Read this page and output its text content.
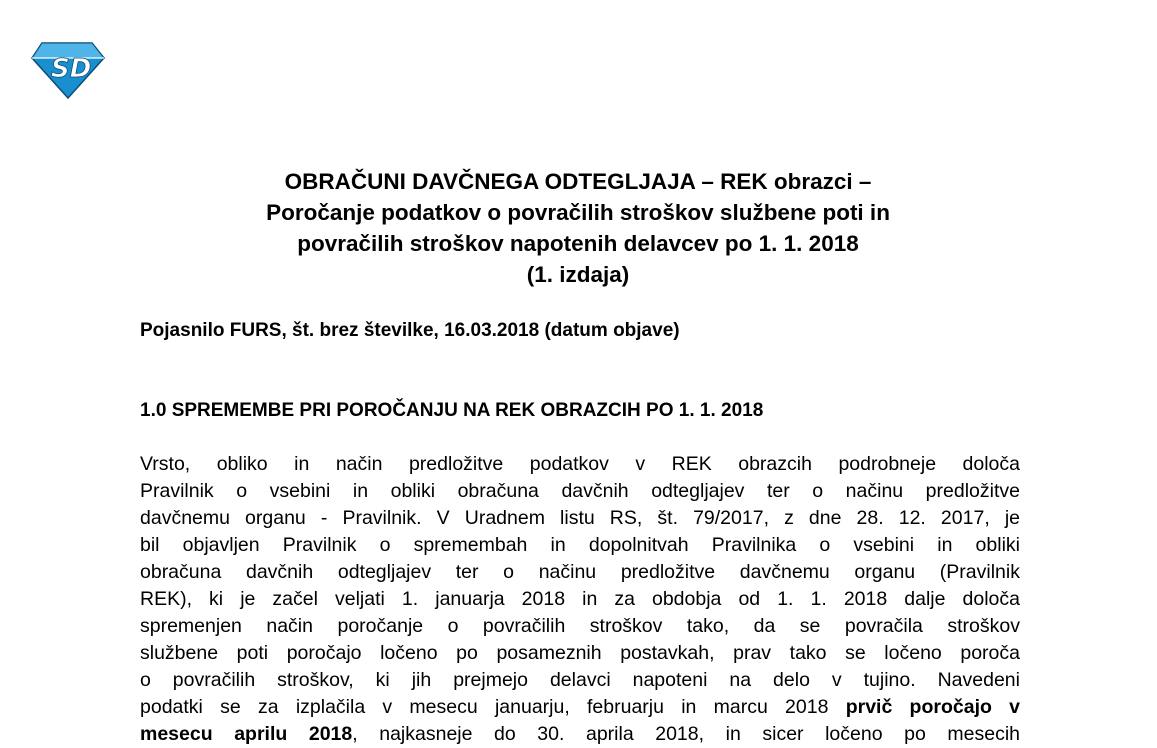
SD
OBRAČUNI DAVČNEGA ODTEGLJAJA – REK obrazci –
Poročanje podatkov o povračilih stroškov službene poti in
povračilih stroškov napotenih delavcev po 1. 1. 2018
(1. izdaja)
Pojasnilo FURS, št. brez številke, 16.03.2018 (datum objave)
1.0 SPREMEMBE PRI POROČANJU NA REK OBRAZCIH PO 1. 1. 2018
Vrsto, obliko in način predložitve podatkov v REK obrazcih podrobneje določa
Pravilnik o vsebini in obliki obračuna davčnih odtegljajev ter o načinu predložitve
davčnemu organu - Pravilnik. V Uradnem listu RS, št. 79/2017, z dne 28. 12. 2017, je
bil objavljen Pravilnik o spremembah in dopolnitvah Pravilnika o vsebini in obliki
obračuna davčnih odtegljajev ter o načinu predložitve davčnemu organu (Pravilnik
REK), ki je začel veljati 1. januarja 2018 in za obdobja od 1. 1. 2018 dalje določa
spremenjen način poročanje o povračilih stroškov tako, da se povračila stroškov
službene poti poročajo ločeno po posameznih postavkah, prav tako se ločeno poroča
o povračilih stroškov, ki jih prejmejo delavci napoteni na delo v tujino. Navedeni
podatki se za izplačila v mesecu januarju, februarju in marcu 2018 prvič poročajo v
mesecu aprilu 2018, najkasneje do 30. aprila 2018, in sicer ločeno po mesecih
